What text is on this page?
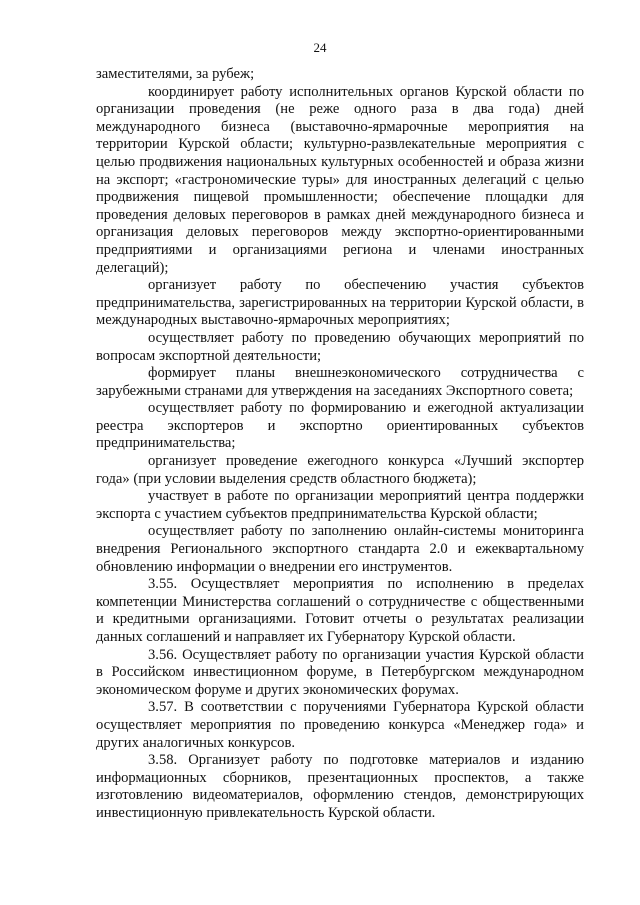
24

заместителями, за рубеж;

координирует работу исполнительных органов Курской области по организации проведения (не реже одного раза в два года) дней международного бизнеса (выставочно-ярмарочные мероприятия на территории Курской области; культурно-развлекательные мероприятия с целью продвижения национальных культурных особенностей и образа жизни на экспорт; «гастрономические туры» для иностранных делегаций с целью продвижения пищевой промышленности; обеспечение площадки для проведения деловых переговоров в рамках дней международного бизнеса и организация деловых переговоров между экспортно-ориентированными предприятиями и организациями региона и членами иностранных делегаций);

организует работу по обеспечению участия субъектов предпринимательства, зарегистрированных на территории Курской области, в международных выставочно-ярмарочных мероприятиях;

осуществляет работу по проведению обучающих мероприятий по вопросам экспортной деятельности;

формирует планы внешнеэкономического сотрудничества с зарубежными странами для утверждения на заседаниях Экспортного совета;

осуществляет работу по формированию и ежегодной актуализации реестра экспортеров и экспортно ориентированных субъектов предпринимательства;

организует проведение ежегодного конкурса «Лучший экспортер года» (при условии выделения средств областного бюджета);

участвует в работе по организации мероприятий центра поддержки экспорта с участием субъектов предпринимательства Курской области;

осуществляет работу по заполнению онлайн-системы мониторинга внедрения Регионального экспортного стандарта 2.0 и ежеквартальному обновлению информации о внедрении его инструментов.

3.55. Осуществляет мероприятия по исполнению в пределах компетенции Министерства соглашений о сотрудничестве с общественными и кредитными организациями. Готовит отчеты о результатах реализации данных соглашений и направляет их Губернатору Курской области.

3.56. Осуществляет работу по организации участия Курской области в Российском инвестиционном форуме, в Петербургском международном экономическом форуме и других экономических форумах.

3.57. В соответствии с поручениями Губернатора Курской области осуществляет мероприятия по проведению конкурса «Менеджер года» и других аналогичных конкурсов.

3.58. Организует работу по подготовке материалов и изданию информационных сборников, презентационных проспектов, а также изготовлению видеоматериалов, оформлению стендов, демонстрирующих инвестиционную привлекательность Курской области.
